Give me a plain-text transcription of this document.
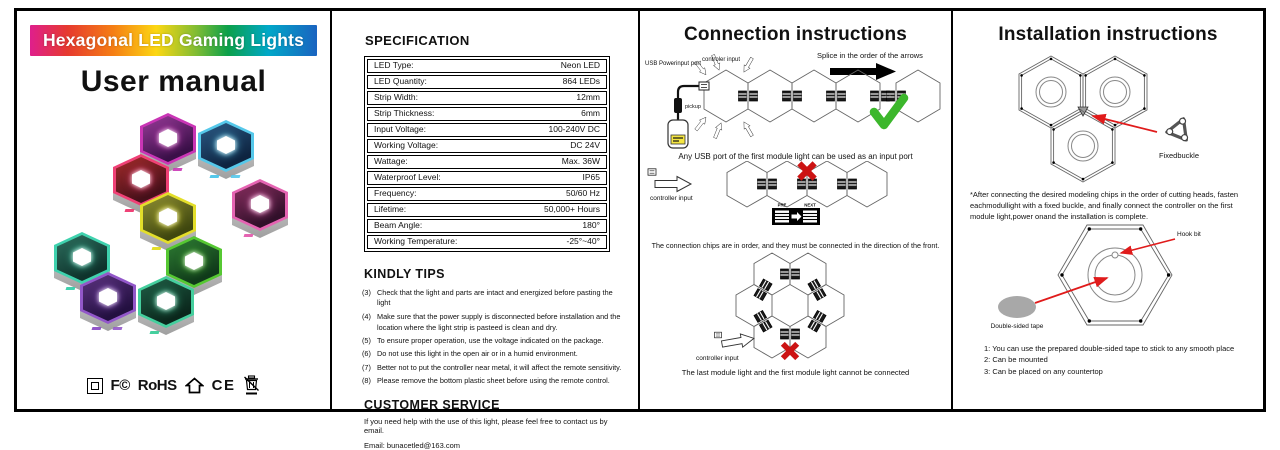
Hexagonal LED Gaming Lights
User manual
F© RoHS CE
SPECIFICATION
LED Type:	Neon LED
LED Quantity:	864 LEDs
Strip Width:	12mm
Strip Thickness:	6mm
Input Voltage:	100-240V DC
Working Voltage:	DC 24V
Wattage:	Max. 36W
Waterproof Level:	IP65
Frequency:	50/60 Hz
Lifetime:	50,000+ Hours
Beam Angle:	180°
Working Temperature:	-25°~40°
KINDLY TIPS
(3) Check that the light and parts are intact and energized before pasting the light
(4) Make sure that the power supply is disconnected before installation and the location where the light strip is pasteed is clean and dry.
(5) To ensure proper operation, use the voltage indicated on the package.
(6) Do not use this light in the open air or in a humid environment.
(7) Better not to put the controller near metal, it will affect the remote sensitivity.
(8) Please remove the bottom plastic sheet before using the remote control.
CUSTOMER SERVICE
If you need help with the use of this light, please feel free to contact us by email.
Email: bunacetled@163.com
Connection instructions
Splice in the order of the arrows
controler input
USB Powerinput port
pickup
Any USB port of the first module light can be used as an input port
controller input
PRE	NEXT
The connection chips are in order, and they must be connected in the direction of the front.
controller input
The last module light and the first module light cannot be connected
Installation instructions
Fixedbuckle
*After connecting the desired modeling chips in the order of cutting heads, fasten eachmodullight with a fixed buckle, and finally connect the controller on the first module light,power onand the installation is complete.
Hook bit
Double-sided tape
1: You can use the prepared double-sided tape to stick to any smooth place
2: Can be mounted
3: Can be placed on any countertop
